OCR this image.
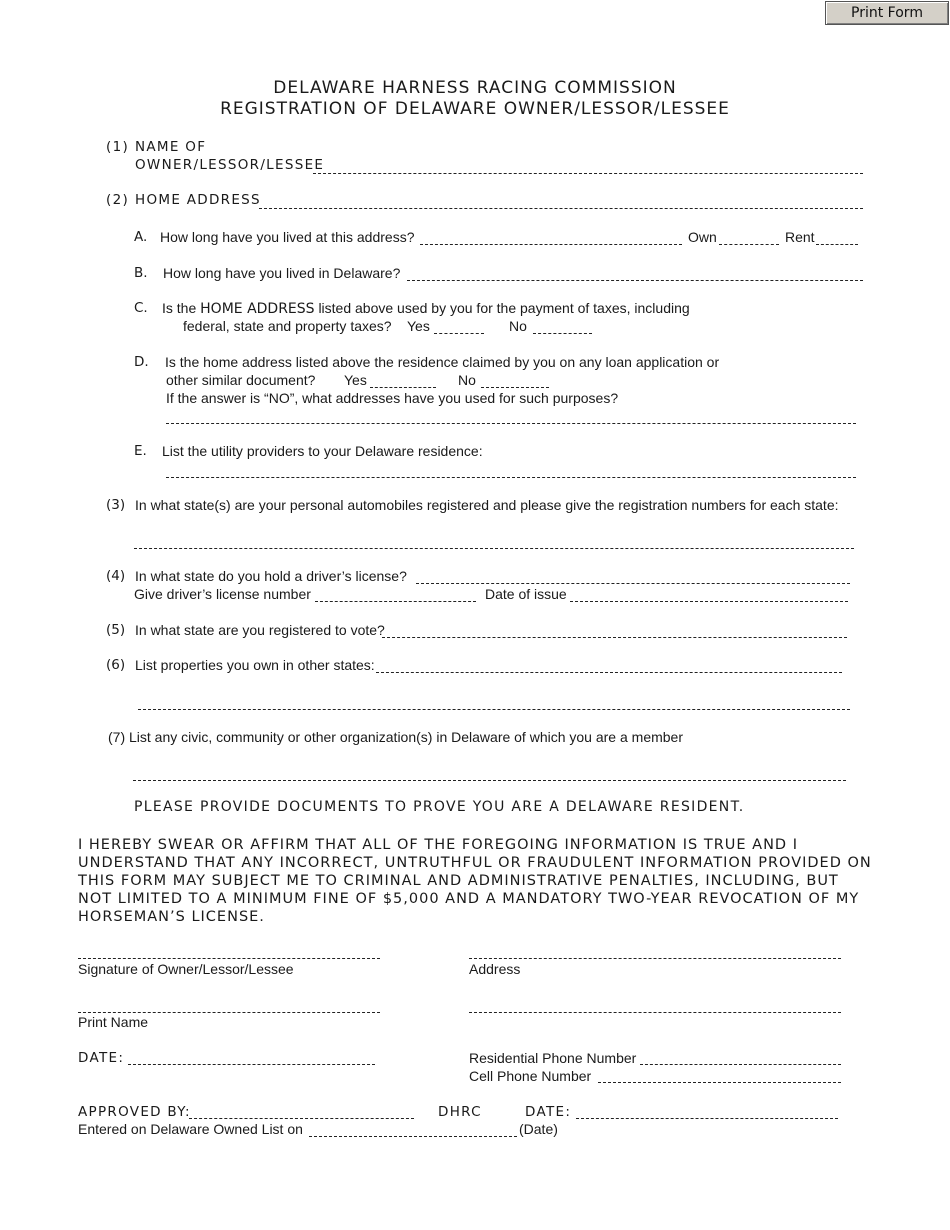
Print Form
DELAWARE HARNESS RACING COMMISSION
REGISTRATION OF DELAWARE OWNER/LESSOR/LESSEE
(1) NAME OF
OWNER/LESSOR/LESSEE
(2) HOME ADDRESS
A. How long have you lived at this address?	Own	Rent
B. How long have you lived in Delaware?
C. Is the HOME ADDRESS listed above used by you for the payment of taxes, including
federal, state and property taxes? Yes	No
D. Is the home address listed above the residence claimed by you on any loan application or
other similar document? Yes	No
If the answer is “NO”, what addresses have you used for such purposes?
E. List the utility providers to your Delaware residence:
(3) In what state(s) are your personal automobiles registered and please give the registration numbers for each state:
(4) In what state do you hold a driver’s license?
Give driver’s license number	Date of issue
(5) In what state are you registered to vote?
(6) List properties you own in other states:
(7) List any civic, community or other organization(s) in Delaware of which you are a member
PLEASE PROVIDE DOCUMENTS TO PROVE YOU ARE A DELAWARE RESIDENT.
I HEREBY SWEAR OR AFFIRM THAT ALL OF THE FOREGOING INFORMATION IS TRUE AND I UNDERSTAND THAT ANY INCORRECT, UNTRUTHFUL OR FRAUDULENT INFORMATION PROVIDED ON THIS FORM MAY SUBJECT ME TO CRIMINAL AND ADMINISTRATIVE PENALTIES, INCLUDING, BUT NOT LIMITED TO A MINIMUM FINE OF $5,000 AND A MANDATORY TWO-YEAR REVOCATION OF MY HORSEMAN’S LICENSE.
Signature of Owner/Lessor/Lessee	Address
Print Name
DATE:	Residential Phone Number
Cell Phone Number
APPROVED BY:	DHRC	DATE:
Entered on Delaware Owned List on	(Date)
